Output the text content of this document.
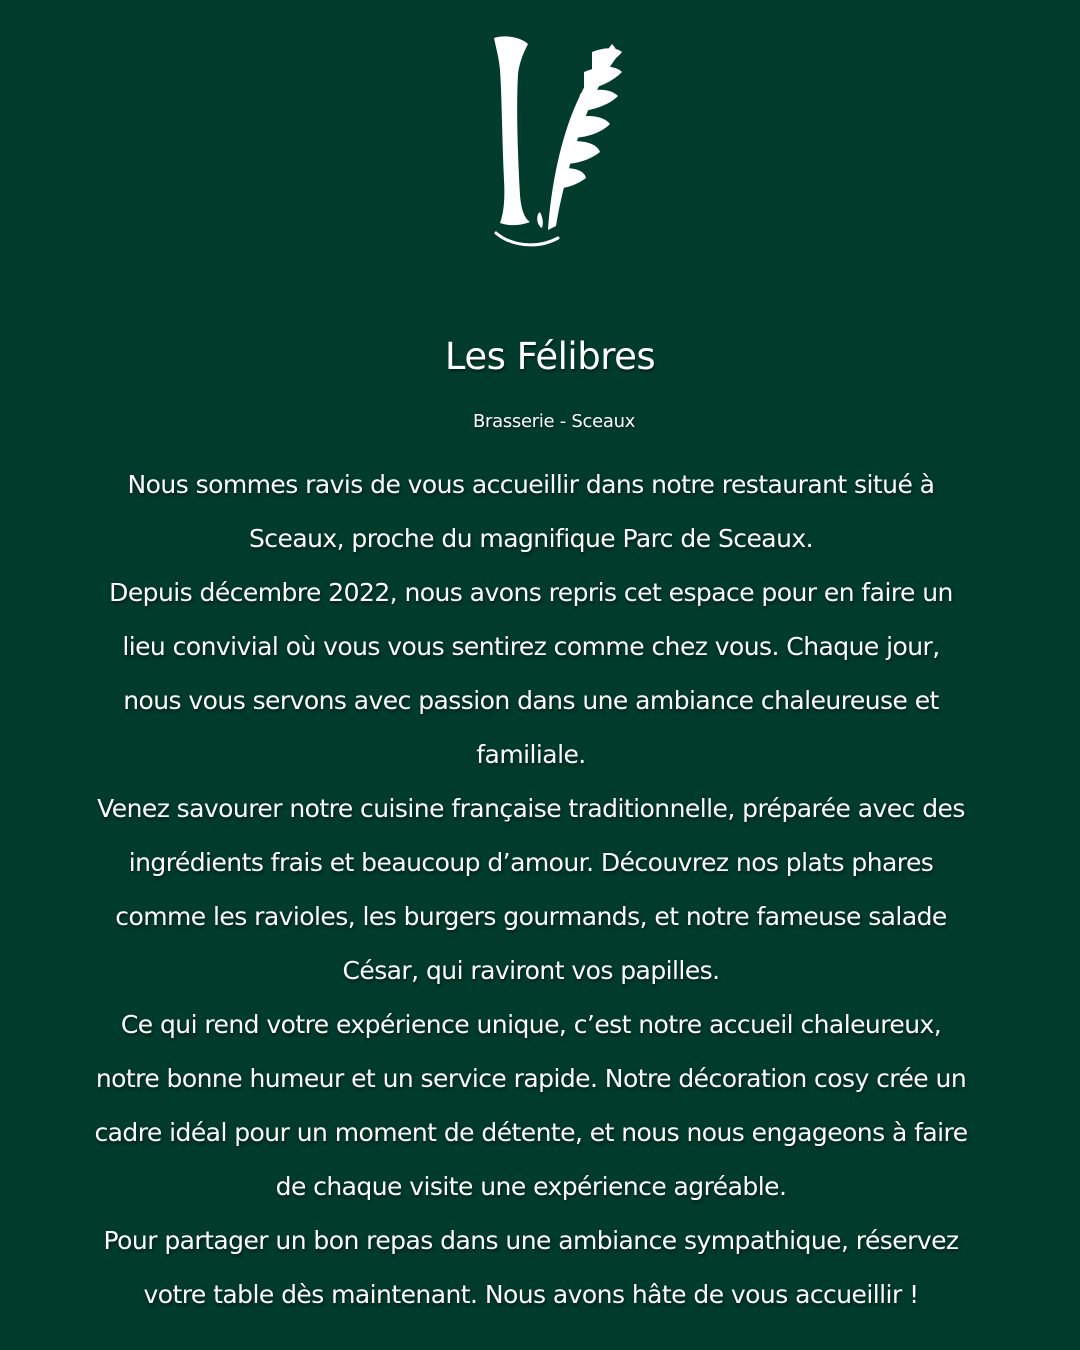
Les Félibres

Brasserie - Sceaux

Nous sommes ravis de vous accueillir dans notre restaurant situé à
Sceaux, proche du magnifique Parc de Sceaux.
Depuis décembre 2022, nous avons repris cet espace pour en faire un
lieu convivial où vous vous sentirez comme chez vous. Chaque jour,
nous vous servons avec passion dans une ambiance chaleureuse et
familiale.
Venez savourer notre cuisine française traditionnelle, préparée avec des
ingrédients frais et beaucoup d’amour. Découvrez nos plats phares
comme les ravioles, les burgers gourmands, et notre fameuse salade
César, qui raviront vos papilles.
Ce qui rend votre expérience unique, c’est notre accueil chaleureux,
notre bonne humeur et un service rapide. Notre décoration cosy crée un
cadre idéal pour un moment de détente, et nous nous engageons à faire
de chaque visite une expérience agréable.
Pour partager un bon repas dans une ambiance sympathique, réservez
votre table dès maintenant. Nous avons hâte de vous accueillir !
